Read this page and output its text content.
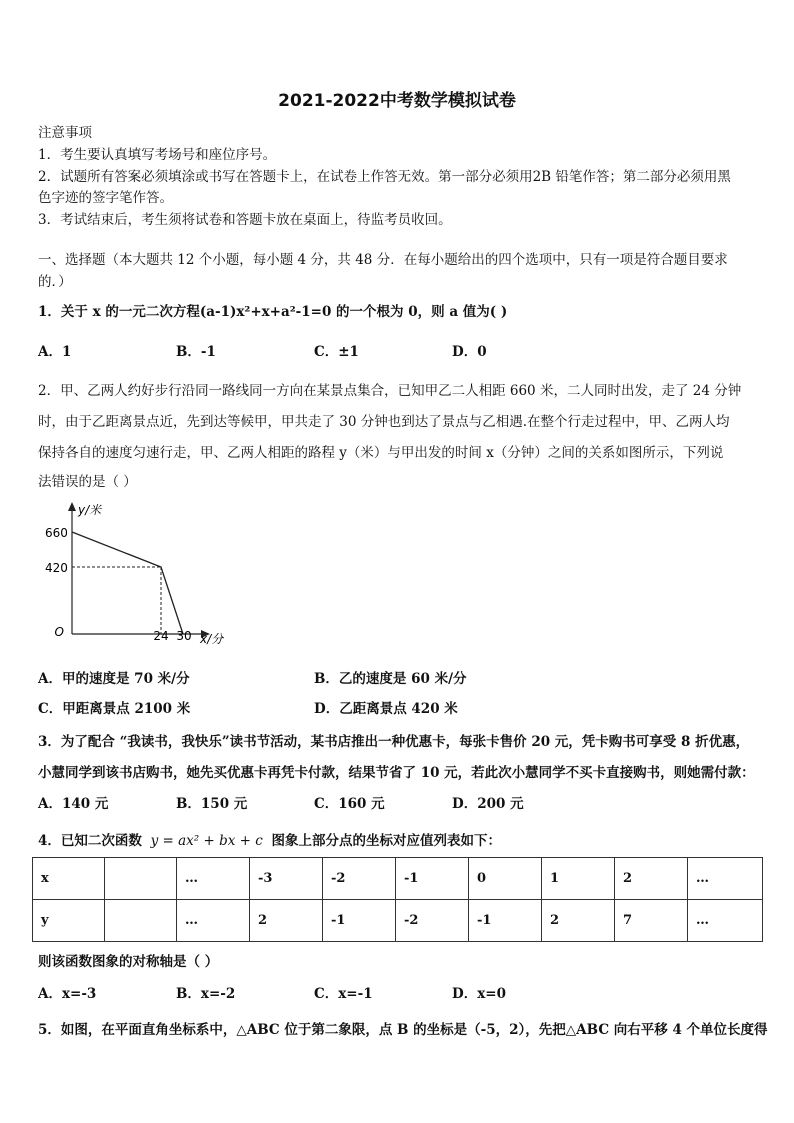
2021-2022中考数学模拟试卷
注意事项
1．考生要认真填写考场号和座位序号。
2．试题所有答案必须填涂或书写在答题卡上，在试卷上作答无效。第一部分必须用2B 铅笔作答；第二部分必须用黑
色字迹的签字笔作答。
3．考试结束后，考生须将试卷和答题卡放在桌面上，待监考员收回。
一、选择题（本大题共 12 个小题，每小题 4 分，共 48 分．在每小题给出的四个选项中，只有一项是符合题目要求
的．）
1．关于 x 的一元二次方程(a-1)x²+x+a²-1=0 的一个根为 0，则 a 值为( )
A．1	B．-1	C．±1	D．0
2．甲、乙两人约好步行沿同一路线同一方向在某景点集合，已知甲乙二人相距 660 米，二人同时出发，走了 24 分钟
时，由于乙距离景点近，先到达等候甲，甲共走了 30 分钟也到达了景点与乙相遇.在整个行走过程中，甲、乙两人均
保持各自的速度匀速行走，甲、乙两人相距的路程 y（米）与甲出发的时间 x（分钟）之间的关系如图所示，下列说
法错误的是（ ）
y/米
660
420
O	24 30 x/分
A．甲的速度是 70 米/分	B．乙的速度是 60 米/分
C．甲距离景点 2100 米	D．乙距离景点 420 米
3．为了配合 “我读书，我快乐”读书节活动，某书店推出一种优惠卡，每张卡售价 20 元，凭卡购书可享受 8 折优惠，
小慧同学到该书店购书，她先买优惠卡再凭卡付款，结果节省了 10 元，若此次小慧同学不买卡直接购书，则她需付款：
A．140 元	B．150 元	C．160 元	D．200 元
4．已知二次函数 y = ax² + bx + c 图象上部分点的坐标对应值列表如下：
x		…	-3	-2	-1	0	1	2	…
y		…	2	-1	-2	-1	2	7	…
则该函数图象的对称轴是（ ）
A．x=-3	B．x=-2	C．x=-1	D．x=0
5．如图，在平面直角坐标系中，△ABC 位于第二象限，点 B 的坐标是（-5，2），先把△ABC 向右平移 4 个单位长度得
